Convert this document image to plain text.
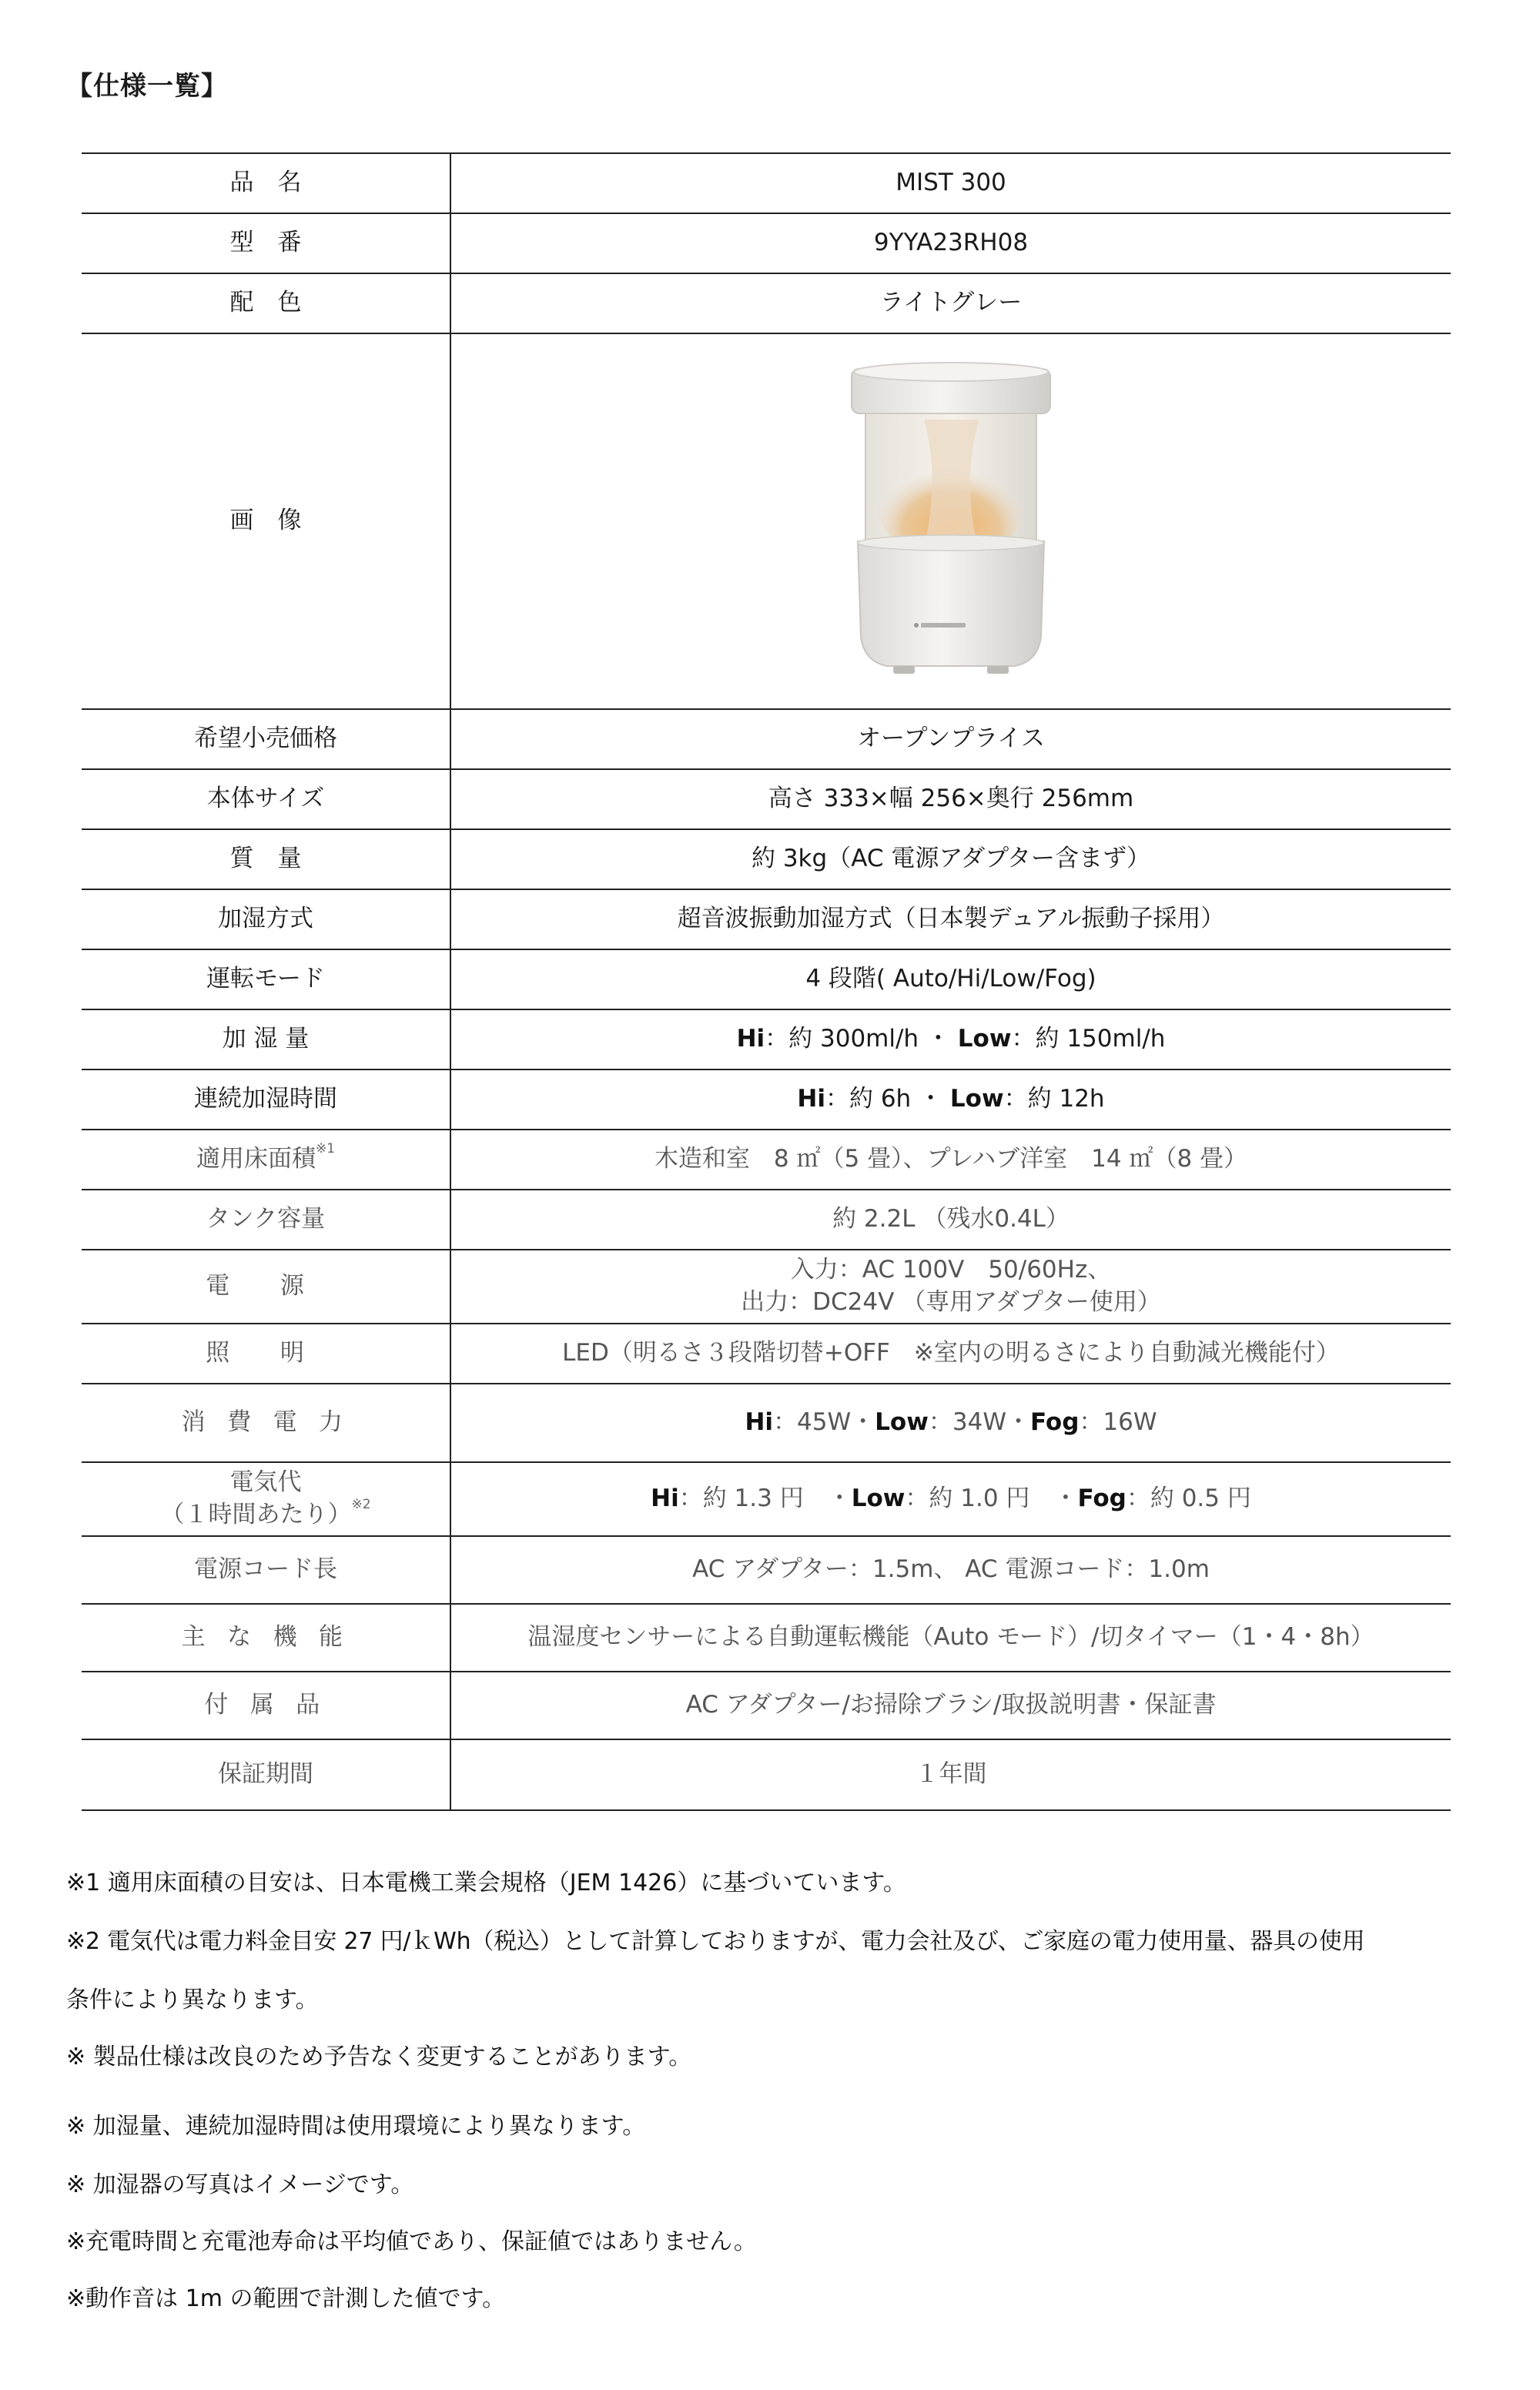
【仕様一覧】
品　名	MIST 300
型　番	9YYA23RH08
配　色	ライトグレー
画　像	

希望小売価格	オープンプライス
本体サイズ	高さ 333×幅 256×奥行 256mm
質　量	約 3kg（AC 電源アダプター含まず）
加湿方式	超音波振動加湿方式（日本製デュアル振動子採用）
運転モード	4 段階( Auto/Hi/Low/Fog)
加 湿 量	Hi：約 300ml/h ・ Low：約 150ml/h
連続加湿時間	Hi：約 6h ・ Low：約 12h
適用床面積$^{※1}$	木造和室　8 ㎡（5 畳）、プレハブ洋室　14 ㎡（8 畳）
タンク容量	約 2.2L （残水0.4L）
電 源	入力：AC 100V　50/60Hz、
出力：DC24V （専用アダプター使用）

照 明	LED（明るさ３段階切替+OFF　※室内の明るさにより自動減光機能付）
消 費 電 力	Hi：45W・Low：34W・Fog：16W

電気代
（１時間あたり）$^{※2}$	Hi：約 1.3 円　・Low：約 1.0 円　・Fog：約 0.5 円
電源コード長	AC アダプター：1.5m、 AC 電源コード：1.0m
主 な 機 能	温湿度センサーによる自動運転機能（Auto モード）/切タイマー（1・4・8h）
付 属 品	AC アダプター/お掃除ブラシ/取扱説明書・保証書
保証期間	１年間
※1 適用床面積の目安は、日本電機工業会規格（JEM 1426）に基づいています。
※2 電気代は電力料金目安 27 円/ｋWh（税込）として計算しておりますが、電力会社及び、ご家庭の電力使用量、器具の使用
条件により異なります。
※ 製品仕様は改良のため予告なく変更することがあります。
※ 加湿量、連続加湿時間は使用環境により異なります。
※ 加湿器の写真はイメージです。
※充電時間と充電池寿命は平均値であり、保証値ではありません。
※動作音は 1m の範囲で計測した値です。
